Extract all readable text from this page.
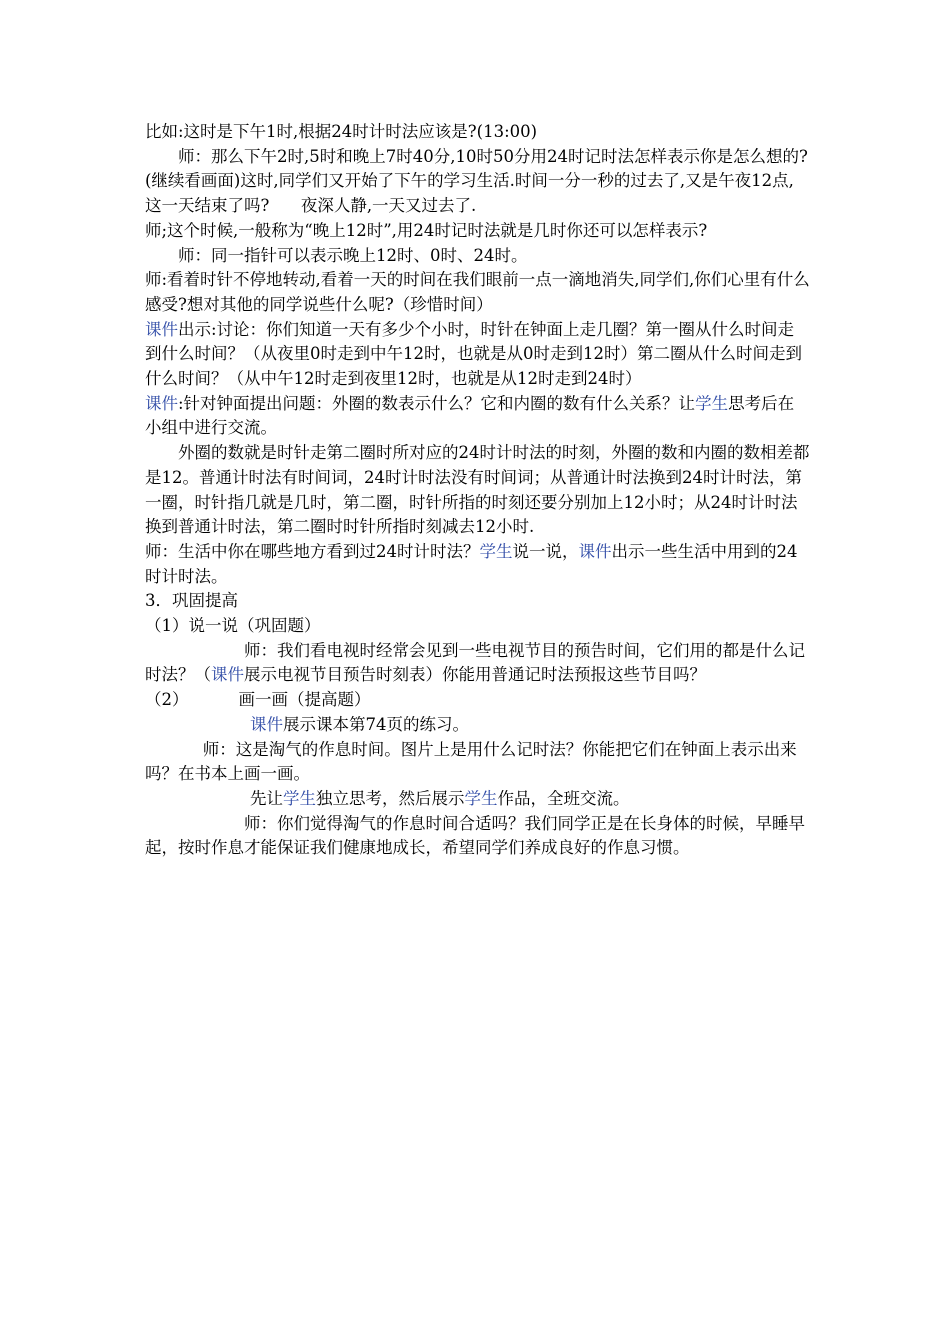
比如:这时是下午1时,根据24时计时法应该是?(13:00)

师：那么下午2时,5时和晚上7时40分,10时50分用24时记时法怎样表示你是怎么想的?

(继续看画面)这时,同学们又开始了下午的学习生活.时间一分一秒的过去了,又是午夜12点,这一天结束了吗?      夜深人静,一天又过去了.

师;这个时候,一般称为“晚上12时”,用24时记时法就是几时你还可以怎样表示?

师：同一指针可以表示晚上12时、0时、24时。

师:看着时针不停地转动,看着一天的时间在我们眼前一点一滴地消失,同学们,你们心里有什么感受?想对其他的同学说些什么呢?（珍惜时间）

课件出示:讨论：你们知道一天有多少个小时，时针在钟面上走几圈？第一圈从什么时间走到什么时间？（从夜里0时走到中午12时，也就是从0时走到12时）第二圈从什么时间走到什么时间？（从中午12时走到夜里12时，也就是从12时走到24时）

课件:针对钟面提出问题：外圈的数表示什么？它和内圈的数有什么关系？让学生思考后在小组中进行交流。

外圈的数就是时针走第二圈时所对应的24时计时法的时刻，外圈的数和内圈的数相差都是12。普通计时法有时间词，24时计时法没有时间词；从普通计时法换到24时计时法，第一圈，时针指几就是几时，第二圈，时针所指的时刻还要分别加上12小时；从24时计时法换到普通计时法，第二圈时时针所指时刻减去12小时.

师：生活中你在哪些地方看到过24时计时法？学生说一说，课件出示一些生活中用到的24时计时法。

3．巩固提高

（1）说一说（巩固题）

师：我们看电视时经常会见到一些电视节目的预告时间，它们用的都是什么记时法？（课件展示电视节目预告时刻表）你能用普通记时法预报这些节目吗？

（2）	画一画（提高题）

课件展示课本第74页的练习。

师：这是淘气的作息时间。图片上是用什么记时法？你能把它们在钟面上表示出来吗？在书本上画一画。

先让学生独立思考，然后展示学生作品，全班交流。

师：你们觉得淘气的作息时间合适吗？我们同学正是在长身体的时候，早睡早起，按时作息才能保证我们健康地成长，希望同学们养成良好的作息习惯。
